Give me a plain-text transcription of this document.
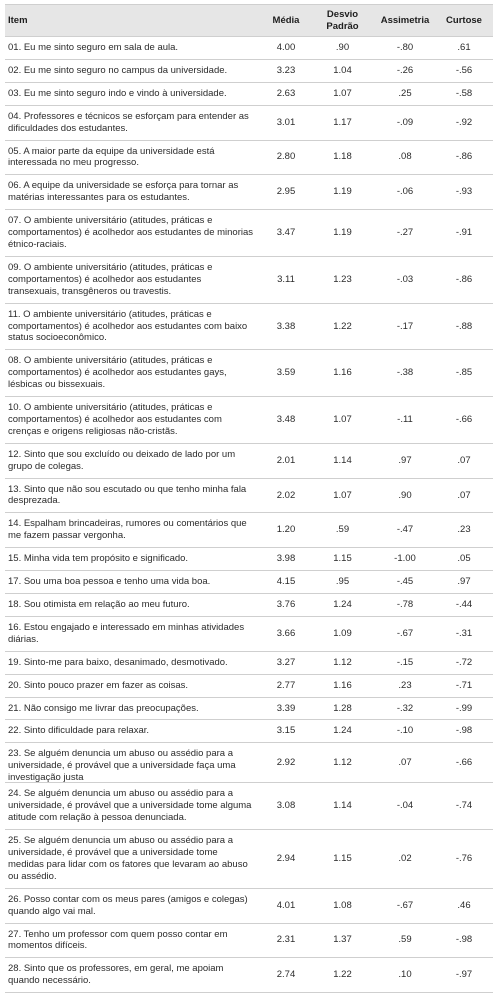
Item	Média	Desvio Padrão	Assimetria	Curtose

01. Eu me sinto seguro em sala de aula.	4.00	.90	-.80	.61

02. Eu me sinto seguro no campus da universidade.	3.23	1.04	-.26	-.56

03. Eu me sinto seguro indo e vindo à universidade.	2.63	1.07	.25	-.58

04. Professores e técnicos se esforçam para entender as dificuldades dos estudantes.	3.01	1.17	-.09	-.92

05. A maior parte da equipe da universidade está interessada no meu progresso.	2.80	1.18	.08	-.86

06. A equipe da universidade se esforça para tornar as matérias interessantes para os estudantes.	2.95	1.19	-.06	-.93

07. O ambiente universitário (atitudes, práticas e comportamentos) é acolhedor aos estudantes de minorias étnico-raciais.	3.47	1.19	-.27	-.91

09. O ambiente universitário (atitudes, práticas e comportamentos) é acolhedor aos estudantes transexuais, transgêneros ou travestis.	3.11	1.23	-.03	-.86

11. O ambiente universitário (atitudes, práticas e comportamentos) é acolhedor aos estudantes com baixo status socioeconômico.	3.38	1.22	-.17	-.88

08. O ambiente universitário (atitudes, práticas e comportamentos) é acolhedor aos estudantes gays, lésbicas ou bissexuais.	3.59	1.16	-.38	-.85

10. O ambiente universitário (atitudes, práticas e comportamentos) é acolhedor aos estudantes com crenças e origens religiosas não-cristãs.	3.48	1.07	-.11	-.66

12. Sinto que sou excluído ou deixado de lado por um grupo de colegas.	2.01	1.14	.97	.07

13. Sinto que não sou escutado ou que tenho minha fala desprezada.	2.02	1.07	.90	.07

14. Espalham brincadeiras, rumores ou comentários que me fazem passar vergonha.	1.20	.59	-.47	.23

15. Minha vida tem propósito e significado.	3.98	1.15	-1.00	.05

17. Sou uma boa pessoa e tenho uma vida boa.	4.15	.95	-.45	.97

18. Sou otimista em relação ao meu futuro.	3.76	1.24	-.78	-.44

16. Estou engajado e interessado em minhas atividades diárias.	3.66	1.09	-.67	-.31

19. Sinto-me para baixo, desanimado, desmotivado.	3.27	1.12	-.15	-.72

20. Sinto pouco prazer em fazer as coisas.	2.77	1.16	.23	-.71

21. Não consigo me livrar das preocupações.	3.39	1.28	-.32	-.99

22. Sinto dificuldade para relaxar.	3.15	1.24	-.10	-.98

23. Se alguém denuncia um abuso ou assédio para a universidade, é provável que a universidade faça uma investigação justa	2.92	1.12	.07	-.66

24. Se alguém denuncia um abuso ou assédio para a universidade, é provável que a universidade tome alguma atitude com relação à pessoa denunciada.	3.08	1.14	-.04	-.74

25. Se alguém denuncia um abuso ou assédio para a universidade, é provável que a universidade tome medidas para lidar com os fatores que levaram ao abuso ou assédio.	2.94	1.15	.02	-.76

26. Posso contar com os meus pares (amigos e colegas) quando algo vai mal.	4.01	1.08	-.67	.46

27. Tenho um professor com quem posso contar em momentos difíceis.	2.31	1.37	.59	-.98

28. Sinto que os professores, em geral, me apoiam quando necessário.	2.74	1.22	.10	-.97
